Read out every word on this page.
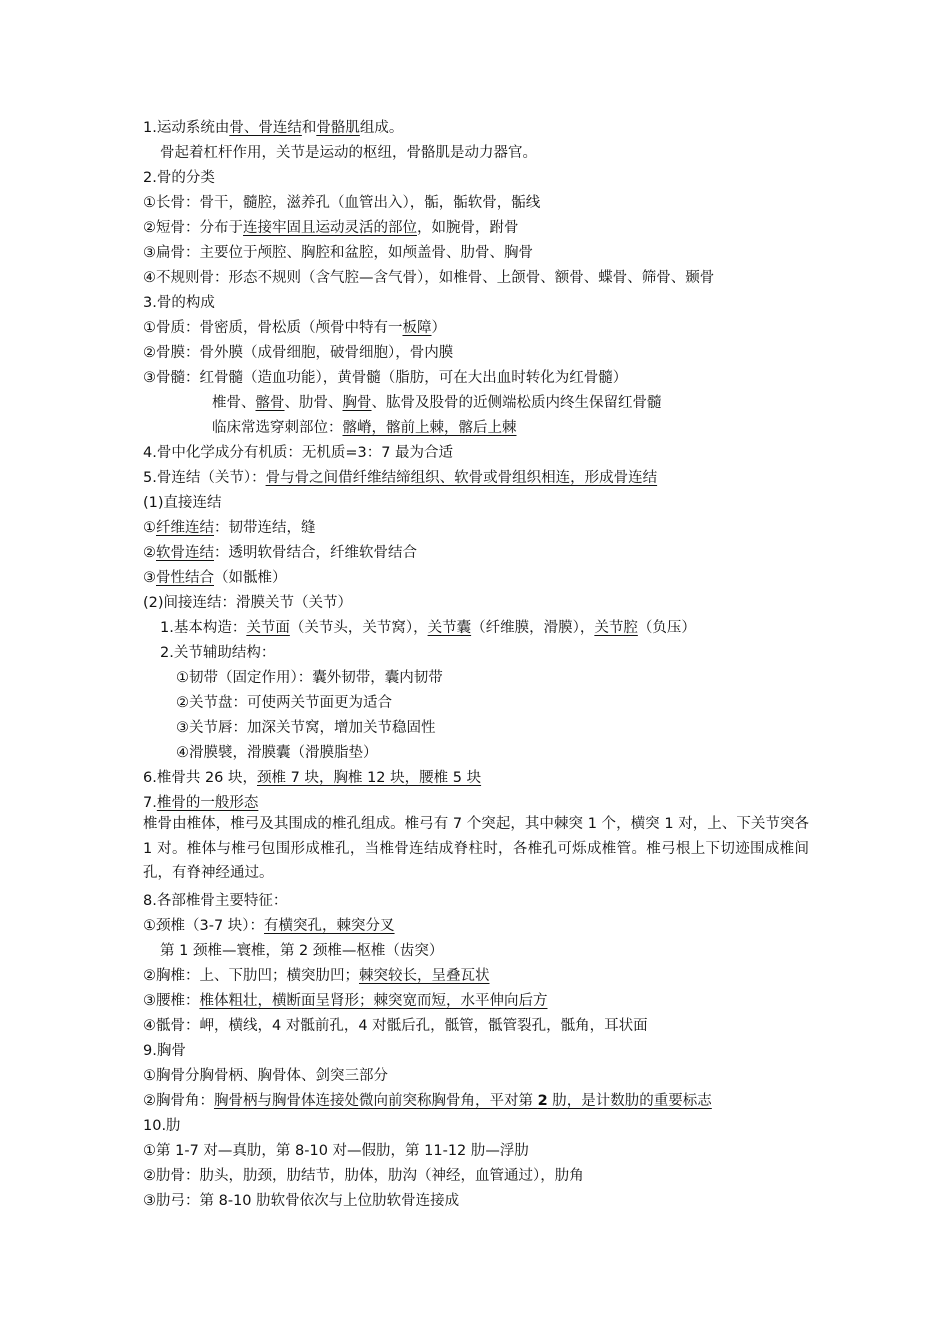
1.运动系统由骨、骨连结和骨骼肌组成。
骨起着杠杆作用，关节是运动的枢纽，骨骼肌是动力器官。
2.骨的分类
①长骨：骨干，髓腔，滋养孔（血管出入），骺，骺软骨，骺线
②短骨：分布于连接牢固且运动灵活的部位，如腕骨，跗骨
③扁骨：主要位于颅腔、胸腔和盆腔，如颅盖骨、肋骨、胸骨
④不规则骨：形态不规则（含气腔—含气骨），如椎骨、上颌骨、额骨、蝶骨、筛骨、颞骨
3.骨的构成
①骨质：骨密质，骨松质（颅骨中特有一板障）
②骨膜：骨外膜（成骨细胞，破骨细胞），骨内膜
③骨髓：红骨髓（造血功能），黄骨髓（脂肪，可在大出血时转化为红骨髓）
椎骨、髂骨、肋骨、胸骨、肱骨及股骨的近侧端松质内终生保留红骨髓
临床常选穿刺部位：髂嵴，髂前上棘，髂后上棘
4.骨中化学成分有机质：无机质=3：7 最为合适
5.骨连结（关节）：骨与骨之间借纤维结缔组织、软骨或骨组织相连，形成骨连结
(1)直接连结
①纤维连结：韧带连结，缝
②软骨连结：透明软骨结合，纤维软骨结合
③骨性结合（如骶椎）
(2)间接连结：滑膜关节（关节）
1.基本构造：关节面（关节头，关节窝），关节囊（纤维膜，滑膜），关节腔（负压）
2.关节辅助结构：
①韧带（固定作用）：囊外韧带，囊内韧带
②关节盘：可使两关节面更为适合
③关节唇：加深关节窝，增加关节稳固性
④滑膜襞，滑膜囊（滑膜脂垫）
6.椎骨共 26 块，颈椎 7 块，胸椎 12 块，腰椎 5 块
7.椎骨的一般形态
椎骨由椎体，椎弓及其围成的椎孔组成。椎弓有 7 个突起，其中棘突 1 个，横突 1 对，上、下关节突各 1 对。椎体与椎弓包围形成椎孔，当椎骨连结成脊柱时，各椎孔可烁成椎管。椎弓根上下切迹围成椎间孔，有脊神经通过。
8.各部椎骨主要特征：
①颈椎（3-7 块）：有横突孔，棘突分叉
第 1 颈椎—寰椎，第 2 颈椎—枢椎（齿突）
②胸椎：上、下肋凹；横突肋凹；棘突较长，呈叠瓦状
③腰椎：椎体粗壮，横断面呈肾形；棘突宽而短，水平伸向后方
④骶骨：岬，横线，4 对骶前孔，4 对骶后孔，骶管，骶管裂孔，骶角，耳状面
9.胸骨
①胸骨分胸骨柄、胸骨体、剑突三部分
②胸骨角：胸骨柄与胸骨体连接处微向前突称胸骨角，平对第 2 肋，是计数肋的重要标志
10.肋
①第 1-7 对—真肋，第 8-10 对—假肋，第 11-12 肋—浮肋
②肋骨：肋头，肋颈，肋结节，肋体，肋沟（神经，血管通过），肋角
③肋弓：第 8-10 肋软骨依次与上位肋软骨连接成
